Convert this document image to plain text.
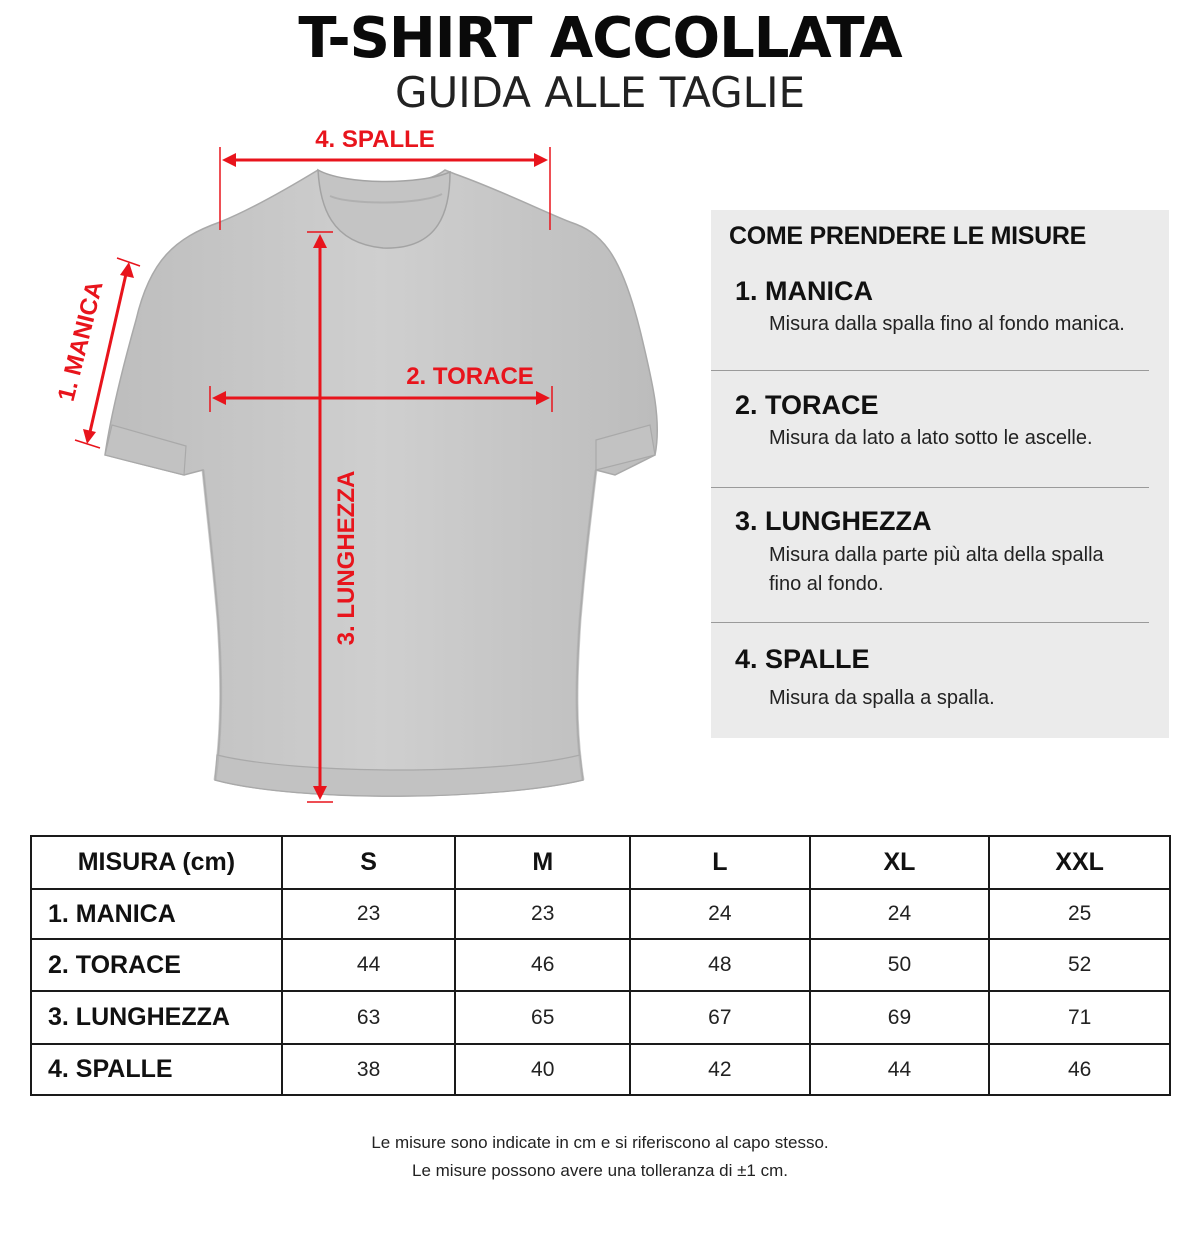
T-SHIRT ACCOLLATA
GUIDA ALLE TAGLIE
4. SPALLE
2. TORACE
3. LUNGHEZZA
1. MANICA
COME PRENDERE LE MISURE
1. MANICA
Misura dalla spalla fino al fondo manica.
2. TORACE
Misura da lato a lato sotto le ascelle.
3. LUNGHEZZA
Misura dalla parte più alta della spalla
fino al fondo.
4. SPALLE
Misura da spalla a spalla.
MISURA (cm)	S	M	L	XL	XXL
1. MANICA	23	23	24	24	25
2. TORACE	44	46	48	50	52
3. LUNGHEZZA	63	65	67	69	71
4. SPALLE	38	40	42	44	46
Le misure sono indicate in cm e si riferiscono al capo stesso.
Le misure possono avere una tolleranza di ±1 cm.
